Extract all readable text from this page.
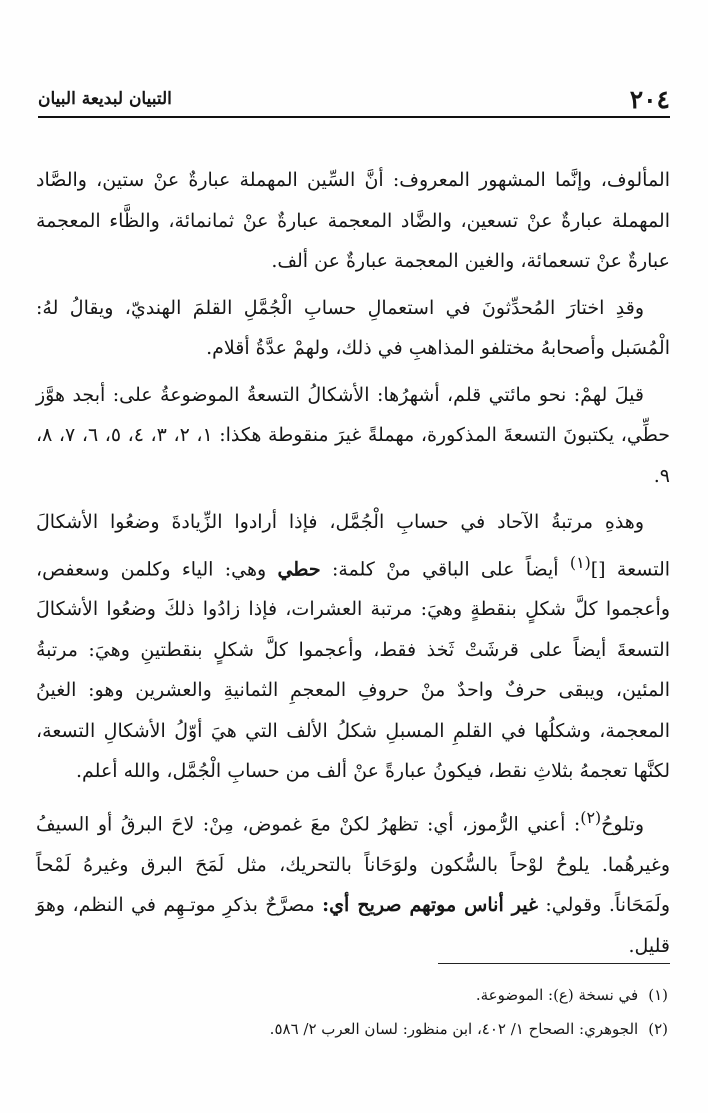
٢٠٤
التبيان لبديعة البيان

المألوف، وإنَّما المشهور المعروف: أنَّ السِّين المهملة عبارةٌ عنْ ستين، والصَّاد المهملة عبارةٌ عنْ تسعين، والضَّاد المعجمة عبارةٌ عنْ ثمانمائة، والظَّاء المعجمة عبارةٌ عنْ تسعمائة، والغين المعجمة عبارةٌ عن ألف.

وقدِ اختارَ المُحدِّثونَ في استعمالِ حسابِ الْجُمَّلِ القلمَ الهنديّ، ويقالُ لهُ: الْمُسَبل وأصحابهُ مختلفو المذاهبِ في ذلك، ولهمْ عدَّةُ أقلام.

قيلَ لهمْ: نحو مائتي قلم، أشهرُها: الأشكالُ التسعةُ الموضوعةُ على: أبجد هوَّز حطِّي، يكتبونَ التسعةَ المذكورة، مهملةً غيرَ منقوطة هكذا: ١، ٢، ٣، ٤، ٥، ٦، ٧، ٨، ٩.

وهذهِ مرتبةُ الآحاد في حسابِ الْجُمَّل، فإذا أرادوا الزِّيادةَ وضعُوا الأشكالَ التسعة []$^{(١)}$ أيضاً على الباقي منْ كلمة: حطي وهي: الياء وكلمن وسعفص، وأعجموا كلَّ شكلٍ بنقطةٍ وهيَ: مرتبة العشرات، فإذا زادُوا ذلكَ وضعُوا الأشكالَ التسعةَ أيضاً على قرشَتْ ثَخذ فقط، وأعجموا كلَّ شكلٍ بنقطتينِ وهيَ: مرتبةُ المئين، ويبقى حرفٌ واحدٌ منْ حروفِ المعجمِ الثمانيةِ والعشرين وهو: الغينُ المعجمة، وشكلُها في القلمِ المسبلِ شكلُ الألف التي هيَ أوّلُ الأشكالِ التسعة، لكنَّها تعجمهُ بثلاثِ نقط، فيكونُ عبارةً عنْ ألف من حسابِ الْجُمَّل، والله أعلم.

وتلوحُ$^{(٢)}$: أعني الرُّموز، أي: تظهرُ لكنْ معَ غموض، مِنْ: لاحَ البرقُ أو السيفُ وغيرهُما. يلوحُ لوْحاً بالسُّكون ولوَحَاناً بالتحريك، مثل لَمَحَ البرق وغيرهُ لَمْحاً ولَمَحَاناً. وقولي: غير أناس موتهم صريح أي: مصرَّحٌ بذكرِ موتـهِم في النظم، وهوَ قليل.

(١)في نسخة (ع): الموضوعة.

(٢)الجوهري: الصحاح ١/ ٤٠٢، ابن منظور: لسان العرب ٢/ ٥٨٦.
